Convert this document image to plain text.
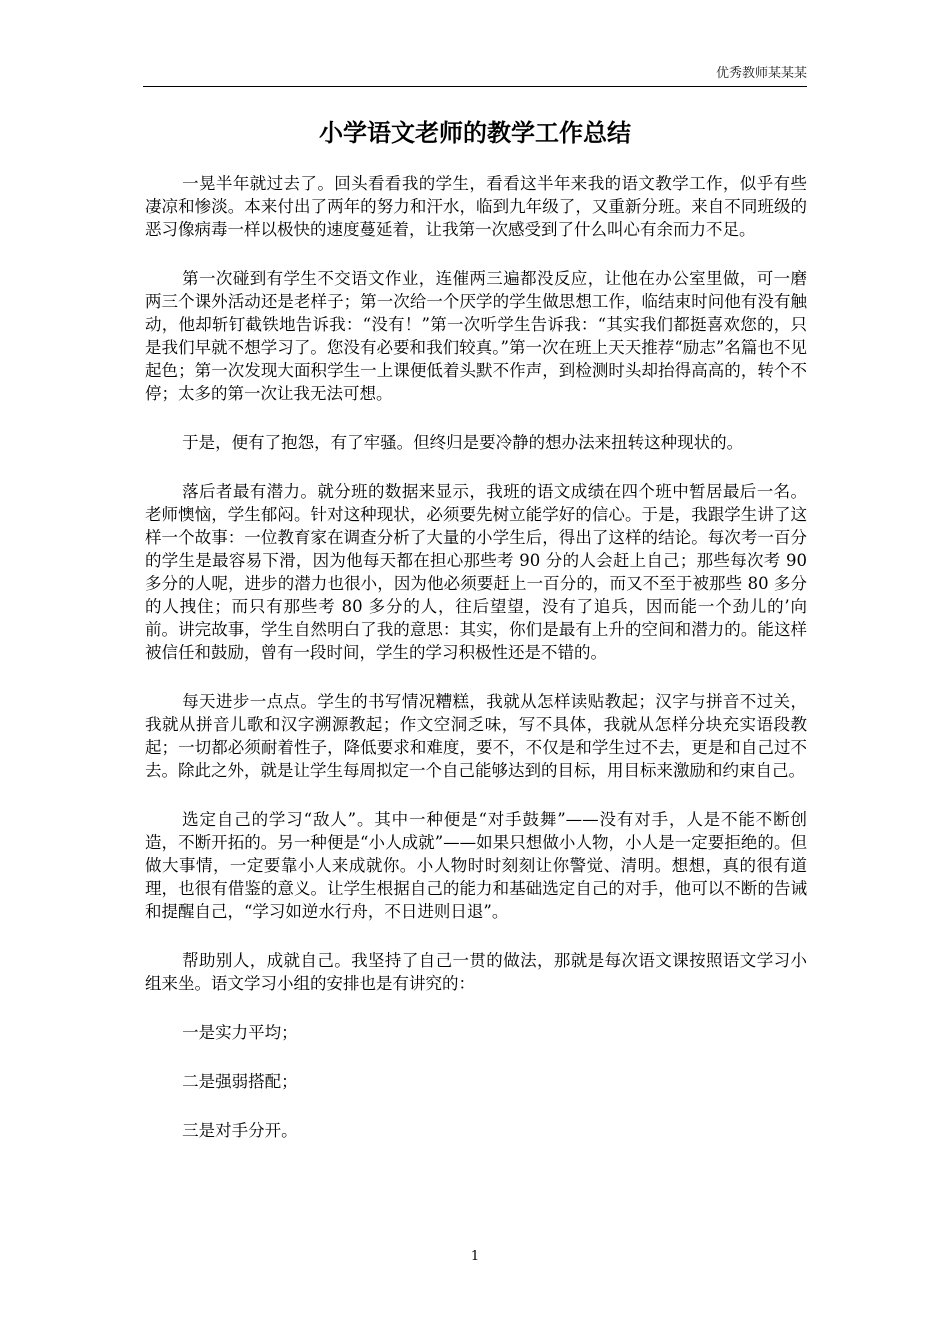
优秀教师某某某
小学语文老师的教学工作总结

一晃半年就过去了。回头看看我的学生，看看这半年来我的语文教学工作，似乎有些凄凉和惨淡。本来付出了两年的努力和汗水，临到九年级了，又重新分班。来自不同班级的恶习像病毒一样以极快的速度蔓延着，让我第一次感受到了什么叫心有余而力不足。

第一次碰到有学生不交语文作业，连催两三遍都没反应，让他在办公室里做，可一磨两三个课外活动还是老样子；第一次给一个厌学的学生做思想工作，临结束时问他有没有触动，他却斩钉截铁地告诉我：“没有！”第一次听学生告诉我：“其实我们都挺喜欢您的，只是我们早就不想学习了。您没有必要和我们较真。”第一次在班上天天推荐“励志”名篇也不见起色；第一次发现大面积学生一上课便低着头默不作声，到检测时头却抬得高高的，转个不停；太多的第一次让我无法可想。

于是，便有了抱怨，有了牢骚。但终归是要冷静的想办法来扭转这种现状的。

落后者最有潜力。就分班的数据来显示，我班的语文成绩在四个班中暂居最后一名。老师懊恼，学生郁闷。针对这种现状，必须要先树立能学好的信心。于是，我跟学生讲了这样一个故事：一位教育家在调查分析了大量的小学生后，得出了这样的结论。每次考一百分的学生是最容易下滑，因为他每天都在担心那些考 90 分的人会赶上自己；那些每次考 90 多分的人呢，进步的潜力也很小，因为他必须要赶上一百分的，而又不至于被那些 80 多分的人拽住；而只有那些考 80 多分的人，往后望望，没有了追兵，因而能一个劲儿的’向前。讲完故事，学生自然明白了我的意思：其实，你们是最有上升的空间和潜力的。能这样被信任和鼓励，曾有一段时间，学生的学习积极性还是不错的。

每天进步一点点。学生的书写情况糟糕，我就从怎样读贴教起；汉字与拼音不过关，我就从拼音儿歌和汉字溯源教起；作文空洞乏味，写不具体，我就从怎样分块充实语段教起；一切都必须耐着性子，降低要求和难度，要不，不仅是和学生过不去，更是和自己过不去。除此之外，就是让学生每周拟定一个自己能够达到的目标，用目标来激励和约束自己。

选定自己的学习“敌人”。其中一种便是“对手鼓舞”——没有对手，人是不能不断创造，不断开拓的。另一种便是“小人成就”——如果只想做小人物，小人是一定要拒绝的。但做大事情，一定要靠小人来成就你。小人物时时刻刻让你警觉、清明。想想，真的很有道理，也很有借鉴的意义。让学生根据自己的能力和基础选定自己的对手，他可以不断的告诫和提醒自己，“学习如逆水行舟，不日进则日退”。

帮助别人，成就自己。我坚持了自己一贯的做法，那就是每次语文课按照语文学习小组来坐。语文学习小组的安排也是有讲究的：

一是实力平均；

二是强弱搭配；

三是对手分开。

1
